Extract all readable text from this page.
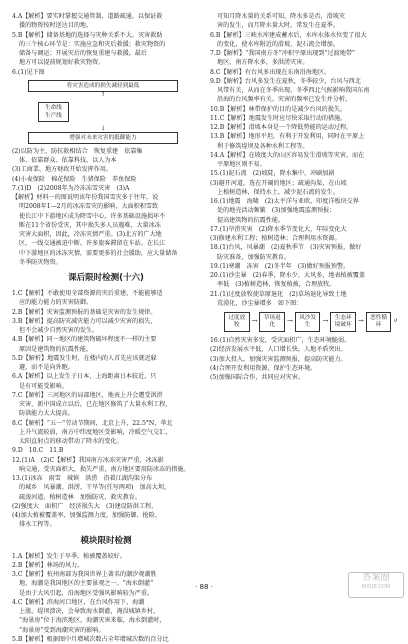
4.A【解析】要实时掌握交通管制、道路疏通，以保证救

援的物资按时送达目的地。

5.B【解析】储备基地的选择与灾种关系不大。灾害救助

的三个核心环节是：实施应急和灾后救援；救灾物资的

储备与调运；开展灾后的恢复重建与救援。最后

地方可以提前规划好救灾物资。

6.(1)见下图

将灾害造成的损失减轻到最低
↑
生命线
生产线
↓
增强对未来灾害的抵御能力

(2)以防为主、防抗救相结合　恢复重建　依靠集

体、依靠群众、依靠科技、以人为本

(3)工商業、地方财政开始发挥作用。

(4)小麦保险　棉花保险　生猪保险　养鱼保险

7.(1)D　(2)2008年为冷冻冻雪灾害　(3)A

【解析】材料一的图说明该年份我国雪灾多于往年，说

明2008年1—2月的冰冻雪灾的影响，大面积积雪致

使长江中下游地区成为降雪中心，许多基础设施损坏不

断在11个省份受灾，其中损失多人员遇难，大量冰冻

灾害大面积，因此，冷冻灾情严重。(3)北方的广大地

区，一线交通被迫中断。许多旅客滞留在车站。在长江

中下游地区的冰冻灾情，需要更多的社会援助，应大量储备

冬季防灾物资。

课后限时检测(十六)

1.C【解析】不敢使用全部资源的灾后重建，不能能够适

应的能力能力的灾害防御。

2.B【解析】灾害监测预报的基础是灾害的发生规律。

3.B【解析】提高防灾减灾能力可以减少灾害的损失，

但不会减少自然灾害的发生。

4.B【解析】同一地区的建筑物破坏程度不一样的主要

原因是建筑物的抗震性能。

5.D【解析】地震发生时，在楼内的人首先应该就近躲

避，而不是向外跑。

6.A【解析】以上发生于日本，上海距离日本较近，只

是有可能受影响。

7.C【解析】三河地区的局部地区，地表上升会遭受洪涝

灾害，新中国成立以后，已在地区修筑了大量水利工程，

防洪能力大大提高。

8.C【解析】“五一”劳动节期间，北京上升，22.5°N，华北

上升气流较弱，南方中纬度地区受影响，冷暖空气交汇，

太阳直射点的移动带动了降水的变化。

9.D　10.C　11.B

12.(1)A　(2)C【解析】我国南方冰冻灾害严重，冰冻影

响交通，受灾面积大，损失严重，南方地区要用防冰冻的措施。

13.(1)冰冻　雨雪　城镇　洪涝　沿着江湖沟渠分布

的城乡　风暴潮、洪涝、干旱等(任写两项)　加高大坝、

疏浚河道、植树造林　加强防灾、救灾教育。

(2)强度大　面积广　经济损失大　(3)建设防洪工程，

(4)加大植被覆盖率，加强监测力度，加强防御、抢险、

排水工程等。

模块限时检测

1.A【解析】发生于旱季，植被覆盖较好。

2.B【解析】林场的风力。

3.C【解析】杭州南部为我国世界上著名的潮汐观潮胜

地，海潮是我国地区的主要景观之一。“海水倒灌”

是由于大风引起，沿海地区受强风影响较为严重。

4.C【解析】滨海河口地区，在台风作用下，海潮

上涨，堤坝溃决，会导致海水倒灌，淹没城镇乡村，

“海景房”位于海滨地区，海潮灾害来临，海水倒灌时，

“海景房”受到海潮灾害的影响。

5.B【解析】根据图中月增城次数占全年增城次数的百分比

可知月降水量的关系可知，降水多是否，滑坡灾

害的发生，而月降水量大时，常发生在夏季。

6.B【解析】三峡水库建成蓄水后，水库水体水位变了很大

的变化，使水库附近的滑坡、泥石流会增加。

7.D【解析】“我国南方冬”冲积平原出现到“过渡地带”

地区，南方降水多，多洪涝灾害。

8.C【解析】有台风多出现在东南沿海地区。

9.D【解析】台风多发生在夏秋，冬季较少，台风与西北

风带有关，从而在冬季出现。冬季西北气候影响我国东南

沿海的台风频率有关。灾害的频率已发生并分析。

10.B【解析】林带保护的目的是减少台风的损失。

11.C【解析】地震发生时应尽快采取行动的措施。

12.B【解析】滑坡本身是一个降低势能的运动过程。

13.B【解析】地形平坦，有利于开发利用，同时在平原上

利于修筑堤坝及各种水利工程等。

14.A【解析】在坡度大的山区容易发生滑坡等灾害，而在

平原地区则不易。

15.(1)泥石流　(2)坡陡，降水集中，冲刷加剧

(3)避开河道，选在开阔的地区；疏通沟渠，在山坡

上植树造林，保持水土，减少泥石流的发生。

16.(1)地震　海啸　(2)太平洋与亚欧、印度洋板块交界

处的地壳活动频繁　(3)加强地震监测预报；

提高建筑物的抗震性能。

17.(1)旱涝灾害　(2)降水季节变化大，年际变化大

(3)修建水利工程；植树造林；合理利用水资源。

18.(1)台风，风暴潮　(2)夏秋季节　(3)灾害预报，做好

防灾准备，加强防灾教育。

19.(1)寒潮　冻害　(2)冬半年　(3)做好预报预警。

20.(1)沙尘暴　(2)春季，降水少，大风多，地表植被覆盖

率低　(3)植树造林，恢复植被，合理放牧。

21.(1)过度放牧使草原退化　(2)草场退化导致土地

荒漠化，沙尘暴增多　如下图：

过度放牧	→	草场退化	→	风沙发生	→	生态环境破坏 →	恶性循环
↺

16.(1)自然灾害多发，受灾面积广，生态环境脆弱。

(2)经济发展水平低，人口增长快，人地矛盾突出。

(3)加大投入，加强灾害监测预报，提高防灾能力。

(4)合理开发利用资源，保护生态环境。

(5)加强国际合作，共同应对灾害。

· 88 ·
答案圈
MXQE.COM
